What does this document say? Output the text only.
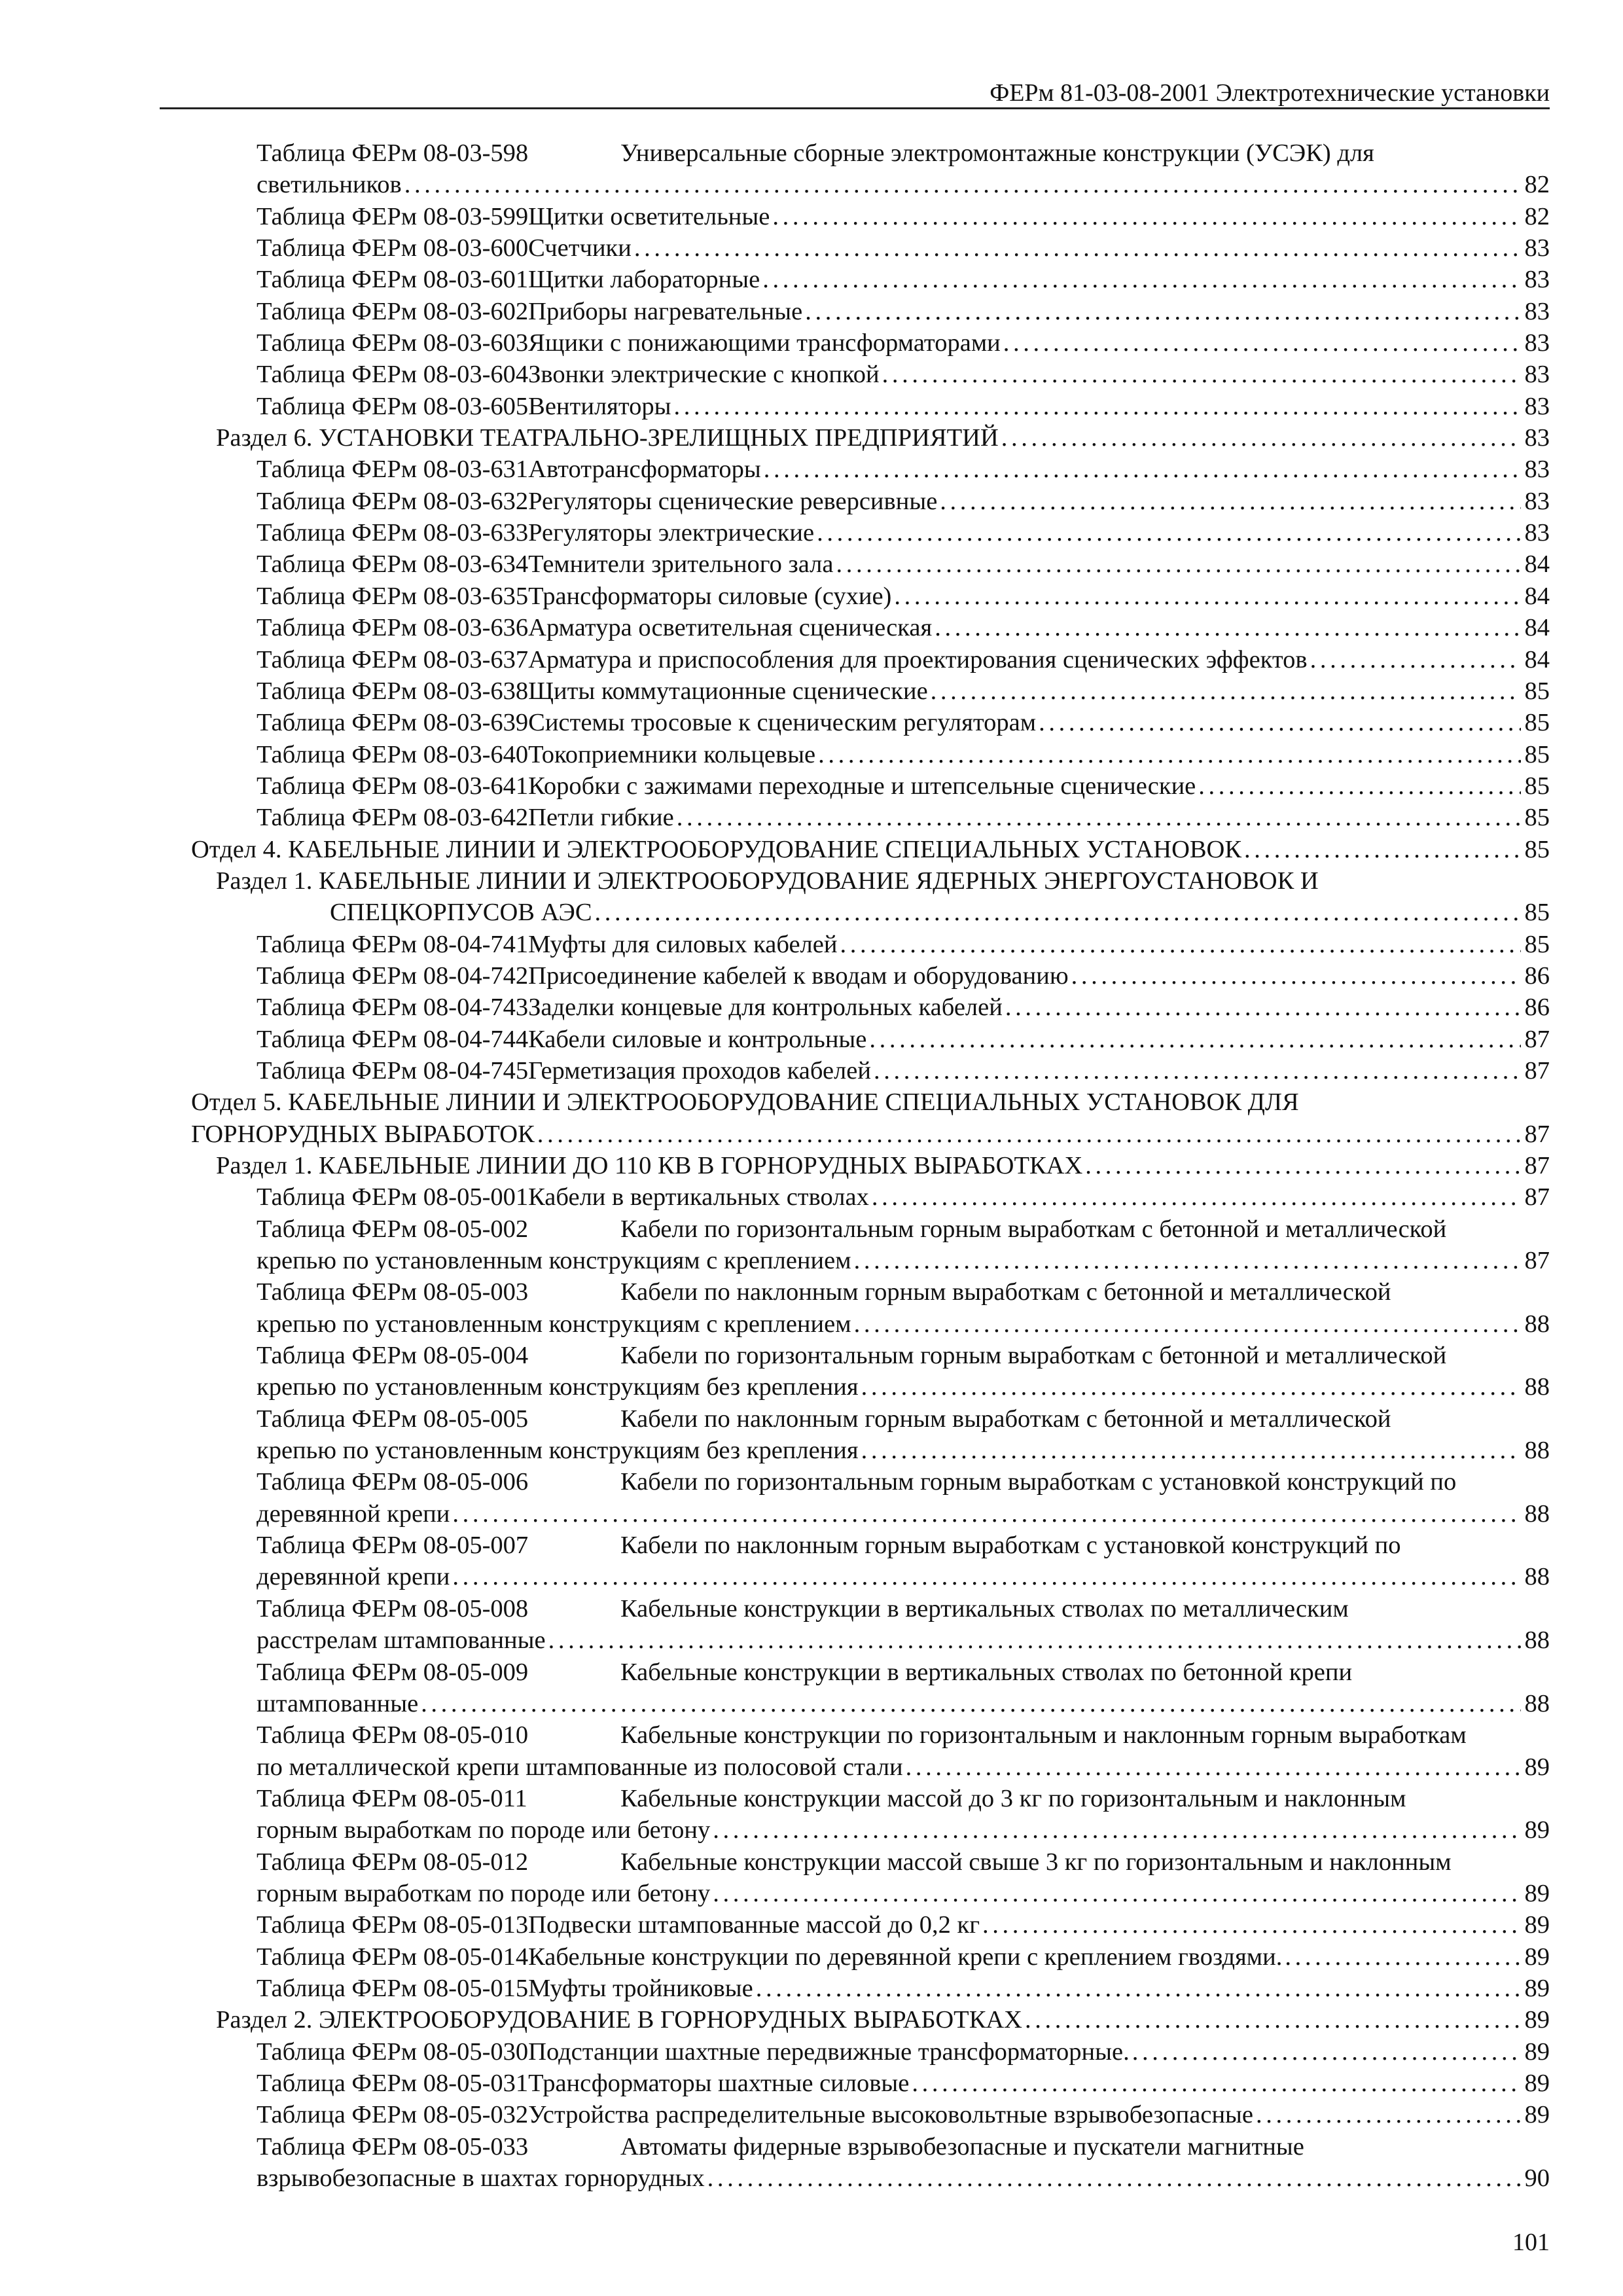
ФЕРм 81-03-08-2001 Электротехнические установки
Таблица ФЕРм 08-03-598	Универсальные сборные электромонтажные конструкции (УСЭК) для
светильников . . .	82
Таблица ФЕРм 08-03-599 Щитки осветительные . . .	82
Таблица ФЕРм 08-03-600 Счетчики . . .	83
Таблица ФЕРм 08-03-601 Щитки лабораторные . . .	83
Таблица ФЕРм 08-03-602 Приборы нагревательные . . .	83
Таблица ФЕРм 08-03-603 Ящики с понижающими трансформаторами . . .	83
Таблица ФЕРм 08-03-604 Звонки электрические с кнопкой . . .	83
Таблица ФЕРм 08-03-605 Вентиляторы . . .	83
Раздел 6. УСТАНОВКИ ТЕАТРАЛЬНО-ЗРЕЛИЩНЫХ ПРЕДПРИЯТИЙ . . .	83
Таблица ФЕРм 08-03-631 Автотрансформаторы . . .	83
Таблица ФЕРм 08-03-632 Регуляторы сценические реверсивные . . .	83
Таблица ФЕРм 08-03-633 Регуляторы электрические . . .	83
Таблица ФЕРм 08-03-634 Темнители зрительного зала . . .	84
Таблица ФЕРм 08-03-635 Трансформаторы силовые (сухие) . . .	84
Таблица ФЕРм 08-03-636 Арматура осветительная сценическая . . .	84
Таблица ФЕРм 08-03-637 Арматура и приспособления для проектирования сценических эффектов . . .	84
Таблица ФЕРм 08-03-638 Щиты коммутационные сценические . . .	85
Таблица ФЕРм 08-03-639 Системы тросовые к сценическим регуляторам . . .	85
Таблица ФЕРм 08-03-640 Токоприемники кольцевые . . .	85
Таблица ФЕРм 08-03-641 Коробки с зажимами переходные и штепсельные сценические . . .	85
Таблица ФЕРм 08-03-642 Петли гибкие . . .	85
Отдел 4. КАБЕЛЬНЫЕ ЛИНИИ И ЭЛЕКТРООБОРУДОВАНИЕ СПЕЦИАЛЬНЫХ УСТАНОВОК . . .	85
Раздел 1. КАБЕЛЬНЫЕ ЛИНИИ И ЭЛЕКТРООБОРУДОВАНИЕ ЯДЕРНЫХ ЭНЕРГОУСТАНОВОК И
СПЕЦКОРПУСОВ АЭС . . .	85
Таблица ФЕРм 08-04-741 Муфты для силовых кабелей . . .	85
Таблица ФЕРм 08-04-742 Присоединение кабелей к вводам и оборудованию . . .	86
Таблица ФЕРм 08-04-743 Заделки концевые для контрольных кабелей . . .	86
Таблица ФЕРм 08-04-744 Кабели силовые и контрольные . . .	87
Таблица ФЕРм 08-04-745 Герметизация проходов кабелей . . .	87
Отдел 5. КАБЕЛЬНЫЕ ЛИНИИ И ЭЛЕКТРООБОРУДОВАНИЕ СПЕЦИАЛЬНЫХ УСТАНОВОК ДЛЯ
ГОРНОРУДНЫХ ВЫРАБОТОК . . .	87
Раздел 1. КАБЕЛЬНЫЕ ЛИНИИ ДО 110 КВ В ГОРНОРУДНЫХ ВЫРАБОТКАХ . . .	87
Таблица ФЕРм 08-05-001 Кабели в вертикальных стволах . . .	87
Таблица ФЕРм 08-05-002	Кабели по горизонтальным горным выработкам с бетонной и металлической
крепью по установленным конструкциям с креплением . . .	87
Таблица ФЕРм 08-05-003	Кабели по наклонным горным выработкам с бетонной и металлической
крепью по установленным конструкциям с креплением . . .	88
Таблица ФЕРм 08-05-004	Кабели по горизонтальным горным выработкам с бетонной и металлической
крепью по установленным конструкциям без крепления . . .	88
Таблица ФЕРм 08-05-005	Кабели по наклонным горным выработкам с бетонной и металлической
крепью по установленным конструкциям без крепления . . .	88
Таблица ФЕРм 08-05-006	Кабели по горизонтальным горным выработкам с установкой конструкций по
деревянной крепи . . .	88
Таблица ФЕРм 08-05-007	Кабели по наклонным горным выработкам с установкой конструкций по
деревянной крепи . . .	88
Таблица ФЕРм 08-05-008	Кабельные конструкции в вертикальных стволах по металлическим
расстрелам штампованные . . .	88
Таблица ФЕРм 08-05-009	Кабельные конструкции в вертикальных стволах по бетонной крепи
штампованные . . .	88
Таблица ФЕРм 08-05-010	Кабельные конструкции по горизонтальным и наклонным горным выработкам
по металлической крепи штампованные из полосовой стали . . .	89
Таблица ФЕРм 08-05-011	Кабельные конструкции массой до 3 кг по горизонтальным и наклонным
горным выработкам по породе или бетону . . .	89
Таблица ФЕРм 08-05-012	Кабельные конструкции массой свыше 3 кг по горизонтальным и наклонным
горным выработкам по породе или бетону . . .	89
Таблица ФЕРм 08-05-013 Подвески штампованные массой до 0,2 кг . . .	89
Таблица ФЕРм 08-05-014 Кабельные конструкции по деревянной крепи с креплением гвоздями. . . .	89
Таблица ФЕРм 08-05-015 Муфты тройниковые . . .	89
Раздел 2. ЭЛЕКТРООБОРУДОВАНИЕ В ГОРНОРУДНЫХ ВЫРАБОТКАХ . . .	89
Таблица ФЕРм 08-05-030 Подстанции шахтные передвижные трансформаторные. . . .	89
Таблица ФЕРм 08-05-031 Трансформаторы шахтные силовые . . .	89
Таблица ФЕРм 08-05-032 Устройства распределительные высоковольтные взрывобезопасные . . .	89
Таблица ФЕРм 08-05-033	Автоматы фидерные взрывобезопасные и пускатели магнитные
взрывобезопасные в шахтах горнорудных . . .	90
101
